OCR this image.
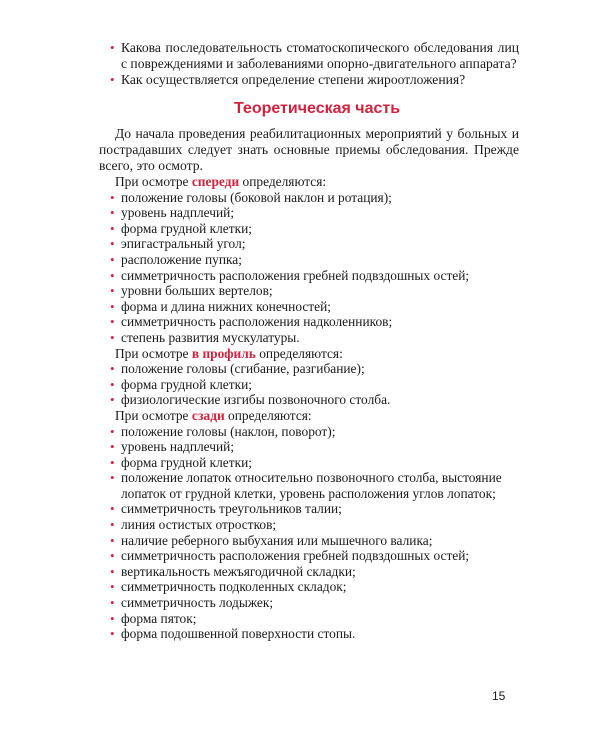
• Какова последовательность стоматоскопического обследования лиц с повреждениями и заболеваниями опорно-двигательного аппарата?
• Как осуществляется определение степени жироотложения?
Теоретическая часть

До начала проведения реабилитационных мероприятий у больных и пострадавших следует знать основные приемы обследования. Прежде всего, это осмотр.

При осмотре спереди определяются:

• положение головы (боковой наклон и ротация);
• уровень надплечий;
• форма грудной клетки;
• эпигастральный угол;
• расположение пупка;
• симметричность расположения гребней подвздошных остей;
• уровни больших вертелов;
• форма и длина нижних конечностей;
• симметричность расположения надколенников;
• степень развития мускулатуры.

При осмотре в профиль определяются:

• положение головы (сгибание, разгибание);
• форма грудной клетки;
• физиологические изгибы позвоночного столба.

При осмотре сзади определяются:

• положение головы (наклон, поворот);
• уровень надплечий;
• форма грудной клетки;
• положение лопаток относительно позвоночного столба, выстояние лопаток от грудной клетки, уровень расположения углов лопаток;
• симметричность треугольников талии;
• линия остистых отростков;
• наличие реберного выбухания или мышечного валика;
• симметричность расположения гребней подвздошных остей;
• вертикальность межъягодичной складки;
• симметричность подколенных складок;
• симметричность лодыжек;
• форма пяток;
• форма подошвенной поверхности стопы.
15
